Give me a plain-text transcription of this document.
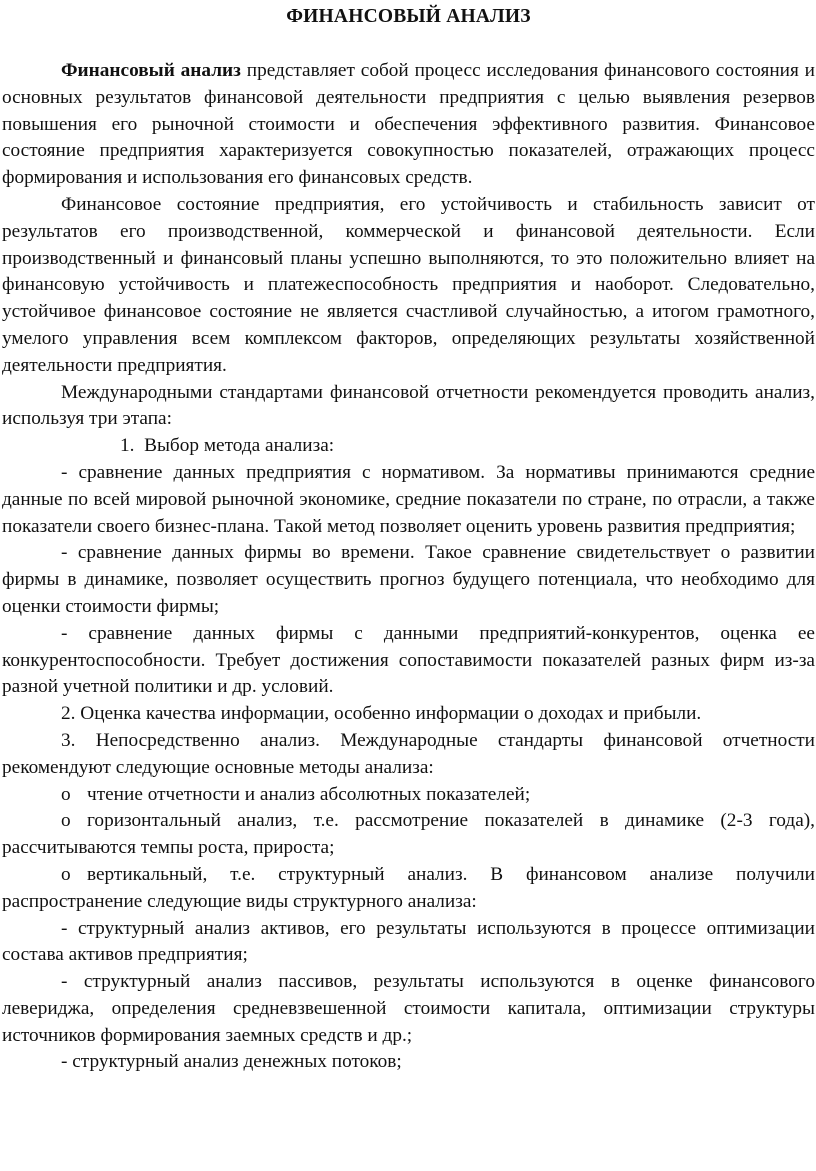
ФИНАНСОВЫЙ АНАЛИЗ

Финансовый анализ представляет собой процесс исследования финансового состояния и основных результатов финансовой деятельности предприятия с целью выявления резервов повышения его рыночной стоимости и обеспечения эффективного развития. Финансовое состояние предприятия характеризуется совокупностью показателей, отражающих процесс формирования и использования его финансовых средств.

Финансовое состояние предприятия, его устойчивость и стабильность зависит от результатов его производственной, коммерческой и финансовой деятельности. Если производственный и финансовый планы успешно выполняются, то это положительно влияет на финансовую устойчивость и платежеспособность предприятия и наоборот. Следовательно, устойчивое финансовое состояние не является счастливой случайностью, а итогом грамотного, умелого управления всем комплексом факторов, определяющих результаты хозяйственной деятельности предприятия.

Международными стандартами финансовой отчетности рекомендуется проводить анализ, используя три этапа:

1. Выбор метода анализа:

- сравнение данных предприятия с нормативом. За нормативы принимаются средние данные по всей мировой рыночной экономике, средние показатели по стране, по отрасли, а также показатели своего бизнес-плана. Такой метод позволяет оценить уровень развития предприятия;

- сравнение данных фирмы во времени. Такое сравнение свидетельствует о развитии фирмы в динамике, позволяет осуществить прогноз будущего потенциала, что необходимо для оценки стоимости фирмы;

- сравнение данных фирмы с данными предприятий-конкурентов, оценка ее конкурентоспособности. Требует достижения сопоставимости показателей разных фирм из-за разной учетной политики и др. условий.

2. Оценка качества информации, особенно информации о доходах и прибыли.

3. Непосредственно анализ. Международные стандарты финансовой отчетности рекомендуют следующие основные методы анализа:

o чтение отчетности и анализ абсолютных показателей;

o горизонтальный анализ, т.е. рассмотрение показателей в динамике (2-3 года), рассчитываются темпы роста, прироста;

o вертикальный, т.е. структурный анализ. В финансовом анализе получили распространение следующие виды структурного анализа:

- структурный анализ активов, его результаты используются в процессе оптимизации состава активов предприятия;

- структурный анализ пассивов, результаты используются в оценке финансового левериджа, определения средневзвешенной стоимости капитала, оптимизации структуры источников формирования заемных средств и др.;

- структурный анализ денежных потоков;
